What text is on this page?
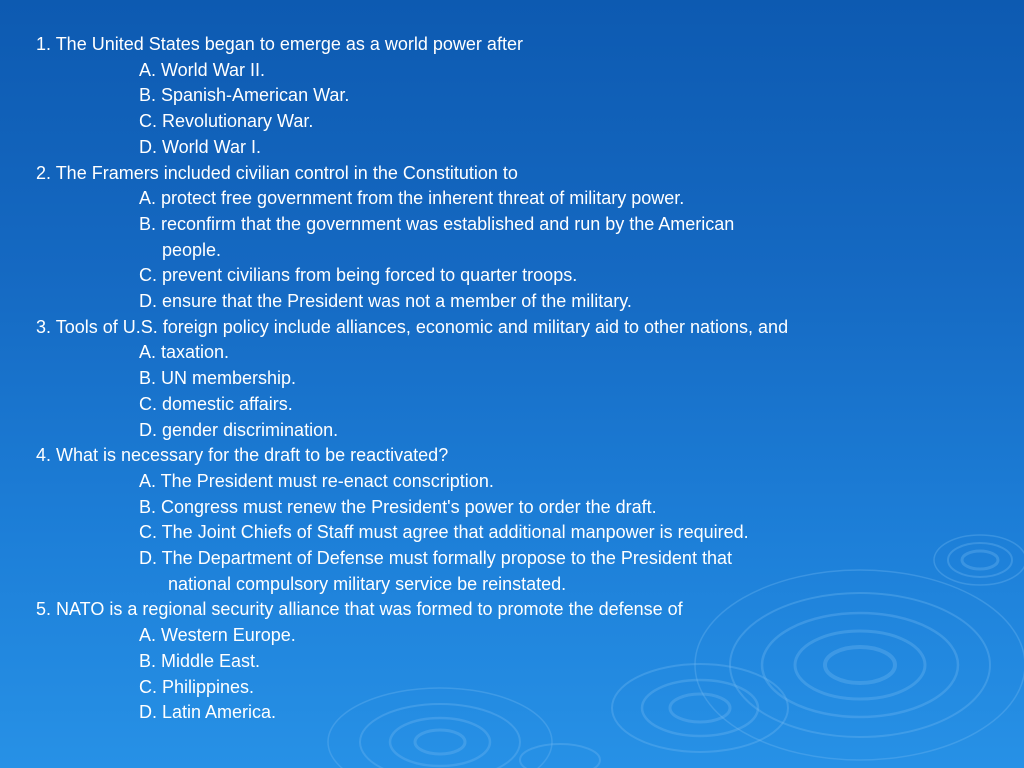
1. The United States began to emerge as a world power after
A. World War II.
B. Spanish-American War.
C. Revolutionary War.
D. World War I.
2. The Framers included civilian control in the Constitution to
A. protect free government from the inherent threat of military power.
B. reconfirm that the government was established and run by the American
people.
C. prevent civilians from being forced to quarter troops.
D. ensure that the President was not a member of the military.
3. Tools of U.S. foreign policy include alliances, economic and military aid to other nations, and
A. taxation.
B. UN membership.
C. domestic affairs.
D. gender discrimination.
4. What is necessary for the draft to be reactivated?
A. The President must re-enact conscription.
B. Congress must renew the President's power to order the draft.
C. The Joint Chiefs of Staff must agree that additional manpower is required.
D. The Department of Defense must formally propose to the President that
national compulsory military service be reinstated.
5. NATO is a regional security alliance that was formed to promote the defense of
A. Western Europe.
B. Middle East.
C. Philippines.
D. Latin America.
